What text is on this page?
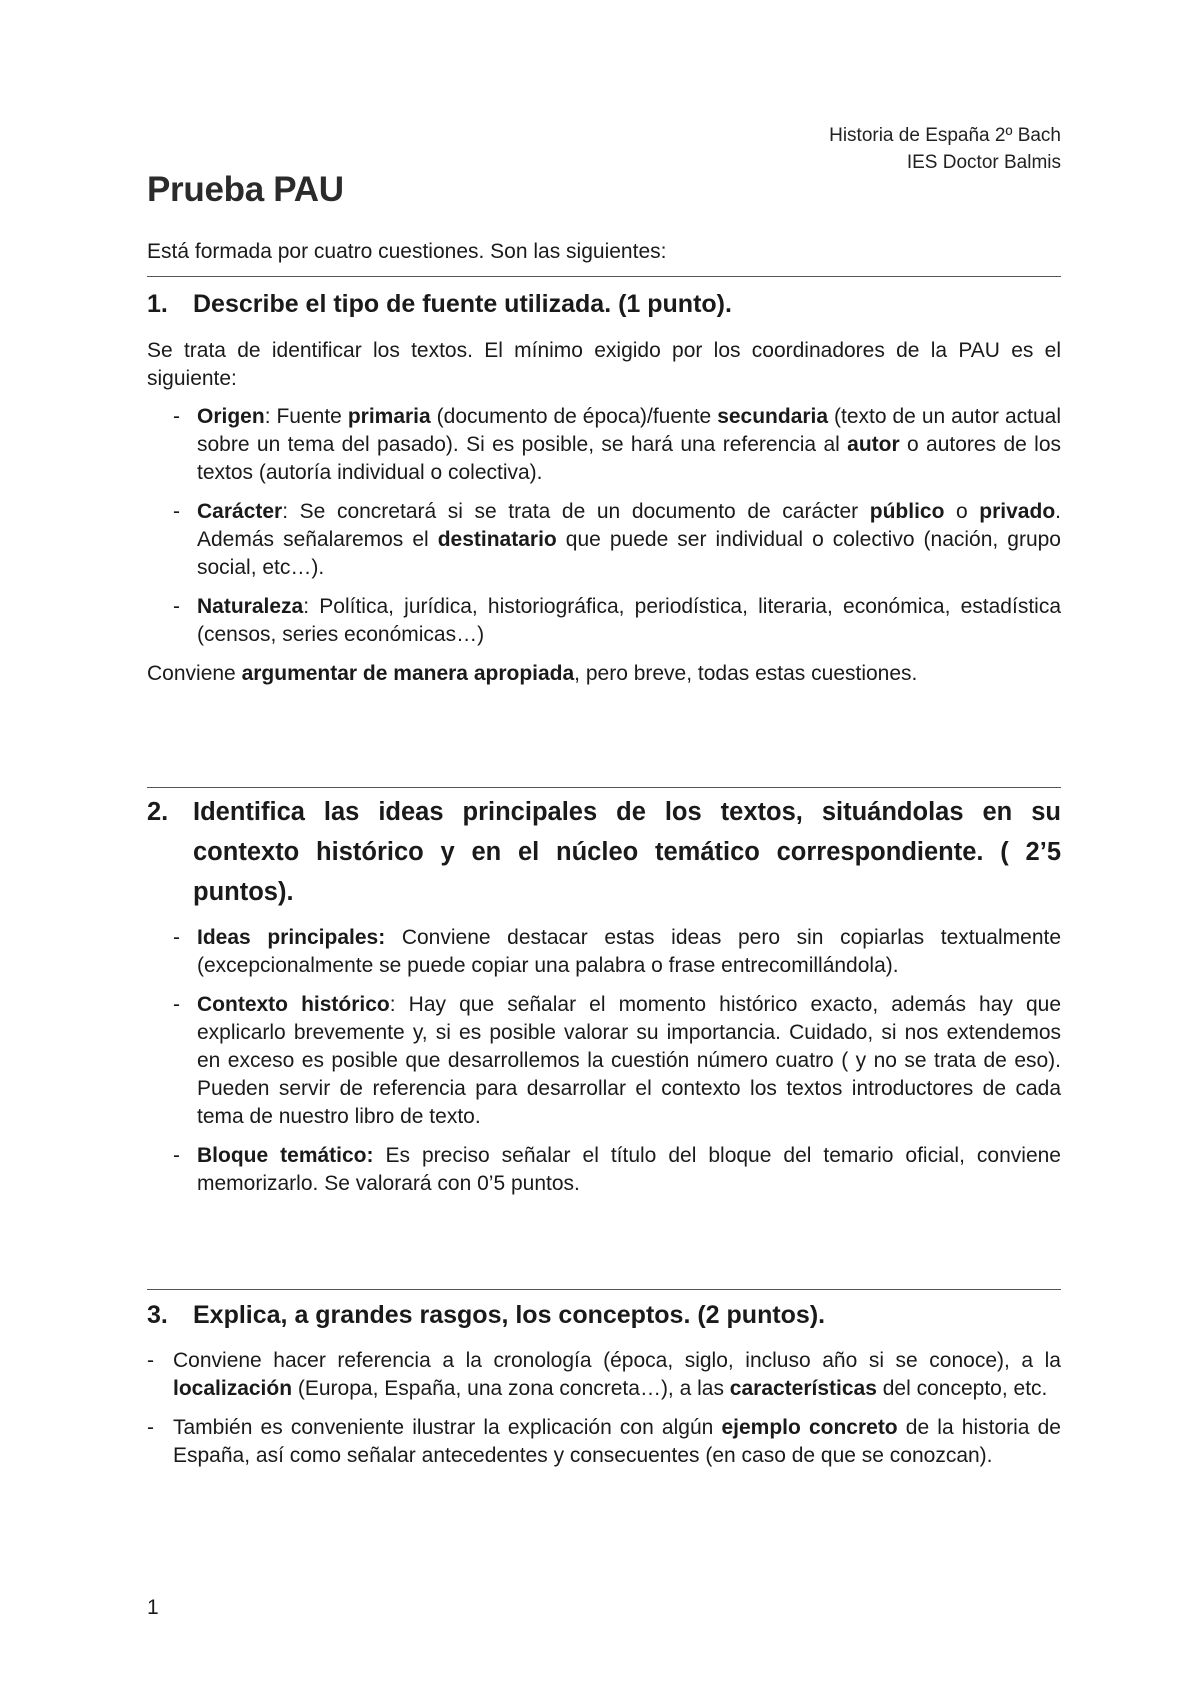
Historia de España 2º Bach
IES Doctor Balmis
Prueba PAU

Está formada por cuatro cuestiones. Son las siguientes:

1.	Describe el tipo de fuente utilizada. (1 punto).

Se trata de identificar los textos. El mínimo exigido por los coordinadores de la PAU es el siguiente:

- Origen: Fuente primaria (documento de época)/fuente secundaria (texto de un autor actual sobre un tema del pasado). Si es posible, se hará una referencia al autor o autores de los textos (autoría individual o colectiva).
- Carácter: Se concretará si se trata de un documento de carácter público o privado. Además señalaremos el destinatario que puede ser individual o colectivo (nación, grupo social, etc…).
- Naturaleza: Política, jurídica, historiográfica, periodística, literaria, económica, estadística (censos, series económicas…)

Conviene argumentar de manera apropiada, pero breve, todas estas cuestiones.

2. Identifica las ideas principales de los textos, situándolas en su contexto histórico y en el núcleo temático correspondiente. ( 2’5 puntos).
- Ideas principales: Conviene destacar estas ideas pero sin copiarlas textualmente (excepcionalmente se puede copiar una palabra o frase entrecomillándola).
- Contexto histórico: Hay que señalar el momento histórico exacto, además hay que explicarlo brevemente y, si es posible valorar su importancia. Cuidado, si nos extendemos en exceso es posible que desarrollemos la cuestión número cuatro ( y no se trata de eso). Pueden servir de referencia para desarrollar el contexto los textos introductores de cada tema de nuestro libro de texto.
- Bloque temático: Es preciso señalar el título del bloque del temario oficial, conviene memorizarlo. Se valorará con 0’5 puntos.
3.	Explica, a grandes rasgos, los conceptos. (2 puntos).
- Conviene hacer referencia a la cronología (época, siglo, incluso año si se conoce), a la localización (Europa, España, una zona concreta…), a las características del concepto, etc.
- También es conveniente ilustrar la explicación con algún ejemplo concreto de la historia de España, así como señalar antecedentes y consecuentes (en caso de que se conozcan).
1
